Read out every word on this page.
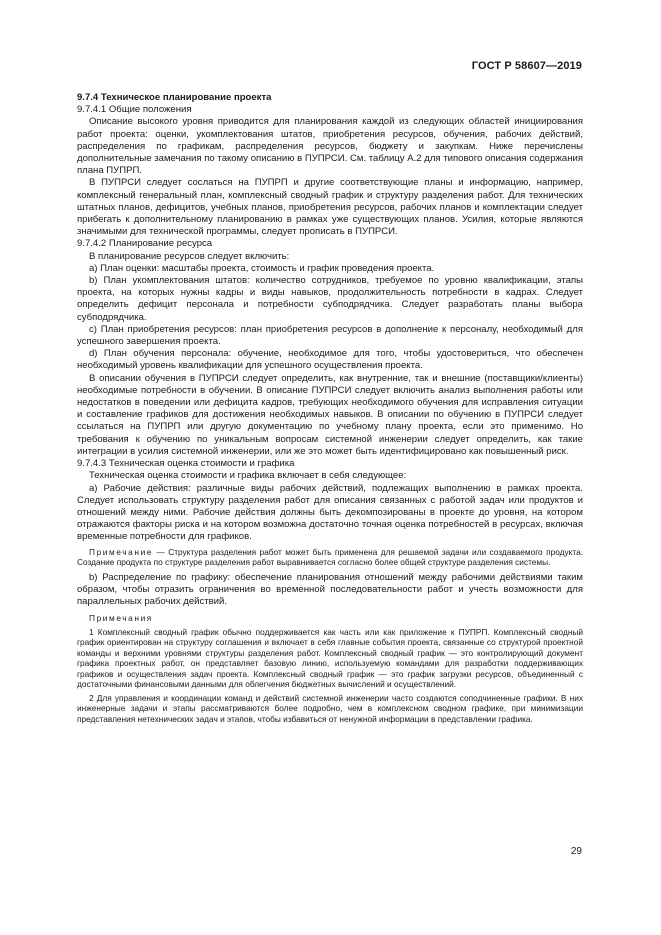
ГОСТ Р 58607—2019

9.7.4 Техническое планирование проекта

9.7.4.1 Общие положения

Описание высокого уровня приводится для планирования каждой из следующих областей инициирования работ проекта: оценки, укомплектования штатов, приобретения ресурсов, обучения, рабочих действий, распределения по графикам, распределения ресурсов, бюджету и закупкам. Ниже перечислены дополнительные замечания по такому описанию в ПУПРСИ. См. таблицу А.2 для типового описания содержания плана ПУПРП.

В ПУПРСИ следует сослаться на ПУПРП и другие соответствующие планы и информацию, например, комплексный генеральный план, комплексный сводный график и структуру разделения работ. Для технических штатных планов, дефицитов, учебных планов, приобретения ресурсов, рабочих планов и комплектации следует прибегать к дополнительному планированию в рамках уже существующих планов. Усилия, которые являются значимыми для технической программы, следует прописать в ПУПРСИ.

9.7.4.2 Планирование ресурса

В планирование ресурсов следует включить:

a) План оценки: масштабы проекта, стоимость и график проведения проекта.

b) План укомплектования штатов: количество сотрудников, требуемое по уровню квалификации, этапы проекта, на которых нужны кадры и виды навыков, продолжительность потребности в кадрах. Следует определить дефицит персонала и потребности субподрядчика. Следует разработать планы выбора субподрядчика.

c) План приобретения ресурсов: план приобретения ресурсов в дополнение к персоналу, необходимый для успешного завершения проекта.

d) План обучения персонала: обучение, необходимое для того, чтобы удостовериться, что обеспечен необходимый уровень квалификации для успешного осуществления проекта.

В описании обучения в ПУПРСИ следует определить, как внутренние, так и внешние (поставщики/клиенты) необходимые потребности в обучении. В описание ПУПРСИ следует включить анализ выполнения работы или недостатков в поведении или дефицита кадров, требующих необходимого обучения для исправления ситуации и составление графиков для достижения необходимых навыков. В описании по обучению в ПУПРСИ следует ссылаться на ПУПРП или другую документацию по учебному плану проекта, если это применимо. Но требования к обучению по уникальным вопросам системной инженерии следует определить, как такие интеграции в усилия системной инженерии, или же это может быть идентифицировано как повышенный риск.

9.7.4.3 Техническая оценка стоимости и графика

Техническая оценка стоимости и графика включает в себя следующее:

a) Рабочие действия: различные виды рабочих действий, подлежащих выполнению в рамках проекта. Следует использовать структуру разделения работ для описания связанных с работой задач или продуктов и отношений между ними. Рабочие действия должны быть декомпозированы в проекте до уровня, на котором отражаются факторы риска и на котором возможна достаточно точная оценка потребностей в ресурсах, включая временные потребности для графиков.

Примечание — Структура разделения работ может быть применена для решаемой задачи или создаваемого продукта. Создание продукта по структуре разделения работ выравнивается согласно более общей структуре разделения системы.

b) Распределение по графику: обеспечение планирования отношений между рабочими действиями таким образом, чтобы отразить ограничения во временной последовательности работ и учесть возможности для параллельных рабочих действий.

Примечания

1 Комплексный сводный график обычно поддерживается как часть или как приложение к ПУПРП. Комплексный сводный график ориентирован на структуру соглашения и включает в себя главные события проекта, связанные со структурой проектной команды и верхними уровнями структуры разделения работ. Комплексный сводный график — это контролирующий документ графика проектных работ, он представляет базовую линию, используемую командами для разработки поддерживающих графиков и осуществления задач проекта. Комплексный сводный график — это график загрузки ресурсов, объединенный с достаточными финансовыми данными для облегчения бюджетных вычислений и осуществлений.

2 Для управления и координации команд и действий системной инженерии часто создаются соподчиненные графики. В них инженерные задачи и этапы рассматриваются более подробно, чем в комплексном сводном графике, при минимизации представления нетехнических задач и этапов, чтобы избавиться от ненужной информации в представлении графика.

29
